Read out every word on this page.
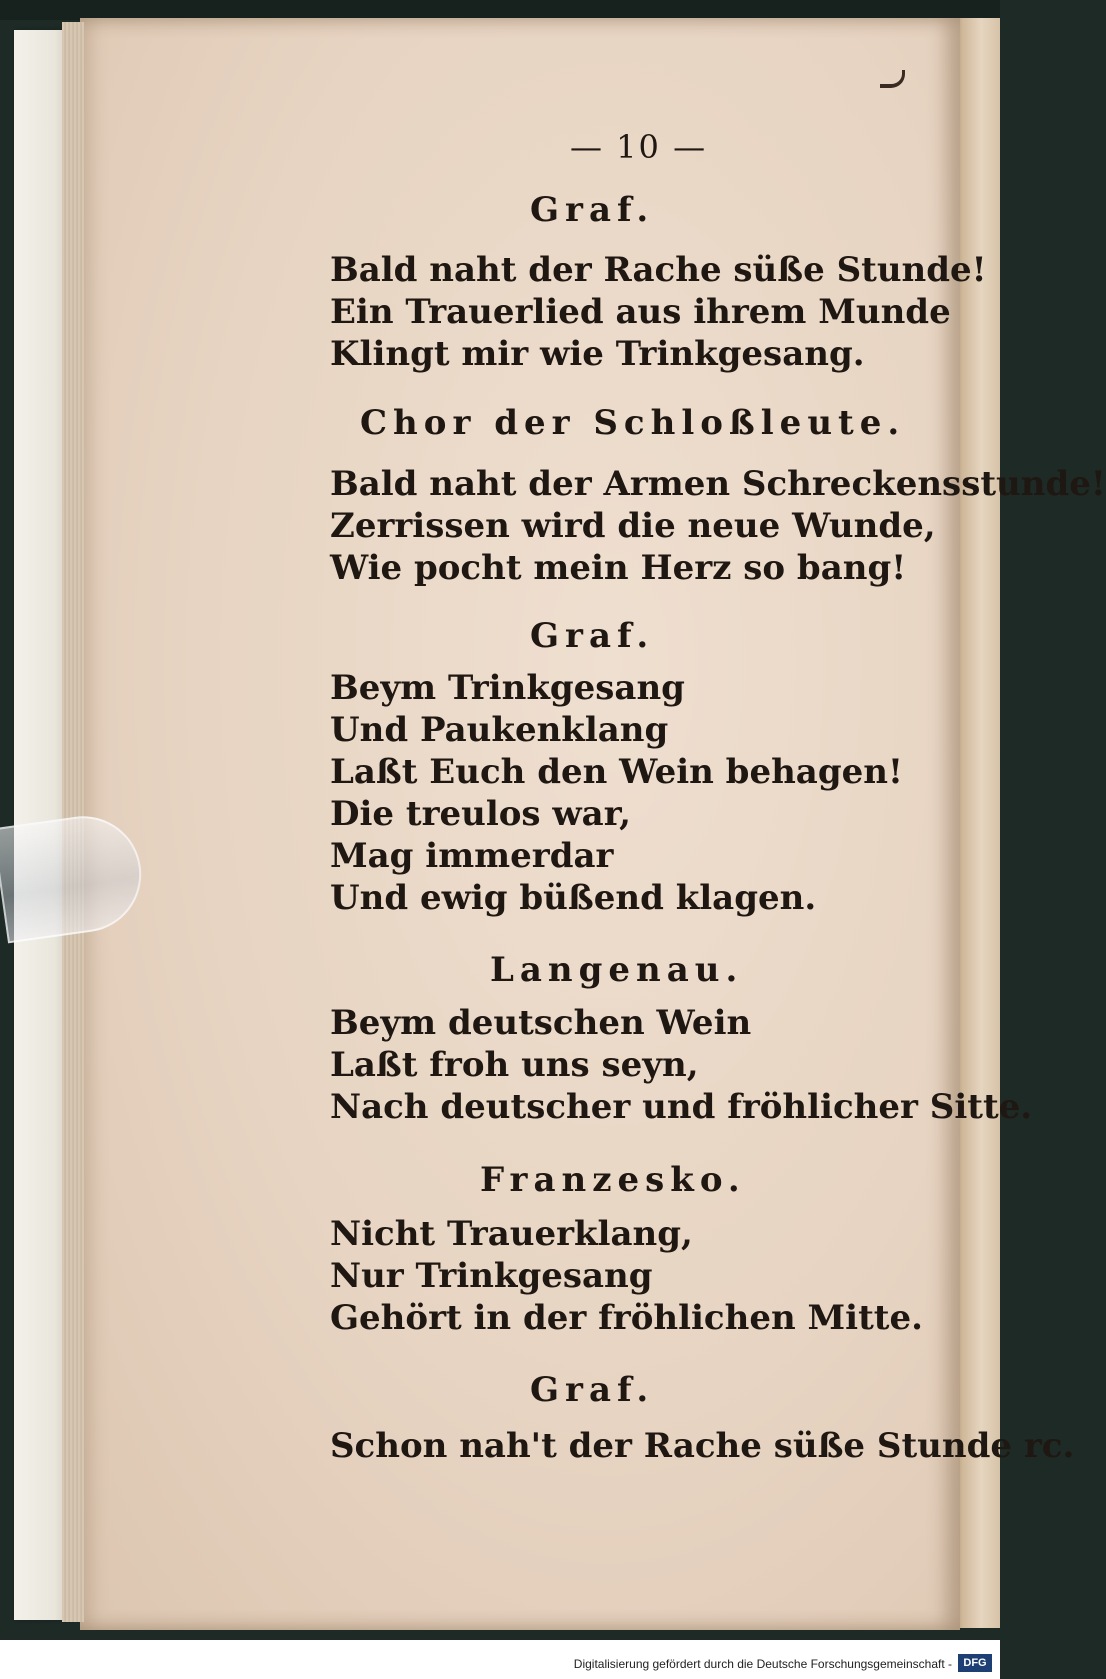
— 10 —

Graf.

Bald naht der Rache süße Stunde!

Ein Trauerlied aus ihrem Munde

Klingt mir wie Trinkgesang.

Chor der Schloßleute.

Bald naht der Armen Schreckensstunde!

Zerrissen wird die neue Wunde,

Wie pocht mein Herz so bang!

Graf.

Beym Trinkgesang

Und Paukenklang

Laßt Euch den Wein behagen!

Die treulos war,

Mag immerdar

Und ewig büßend klagen.

Langenau.

Beym deutschen Wein

Laßt froh uns seyn,

Nach deutscher und fröhlicher Sitte.

Franzesko.

Nicht Trauerklang,

Nur Trinkgesang

Gehört in der fröhlichen Mitte.

Graf.

Schon nah't der Rache süße Stunde rc.

Digitalisierung gefördert durch die Deutsche Forschungsgemeinschaft -	DFG
